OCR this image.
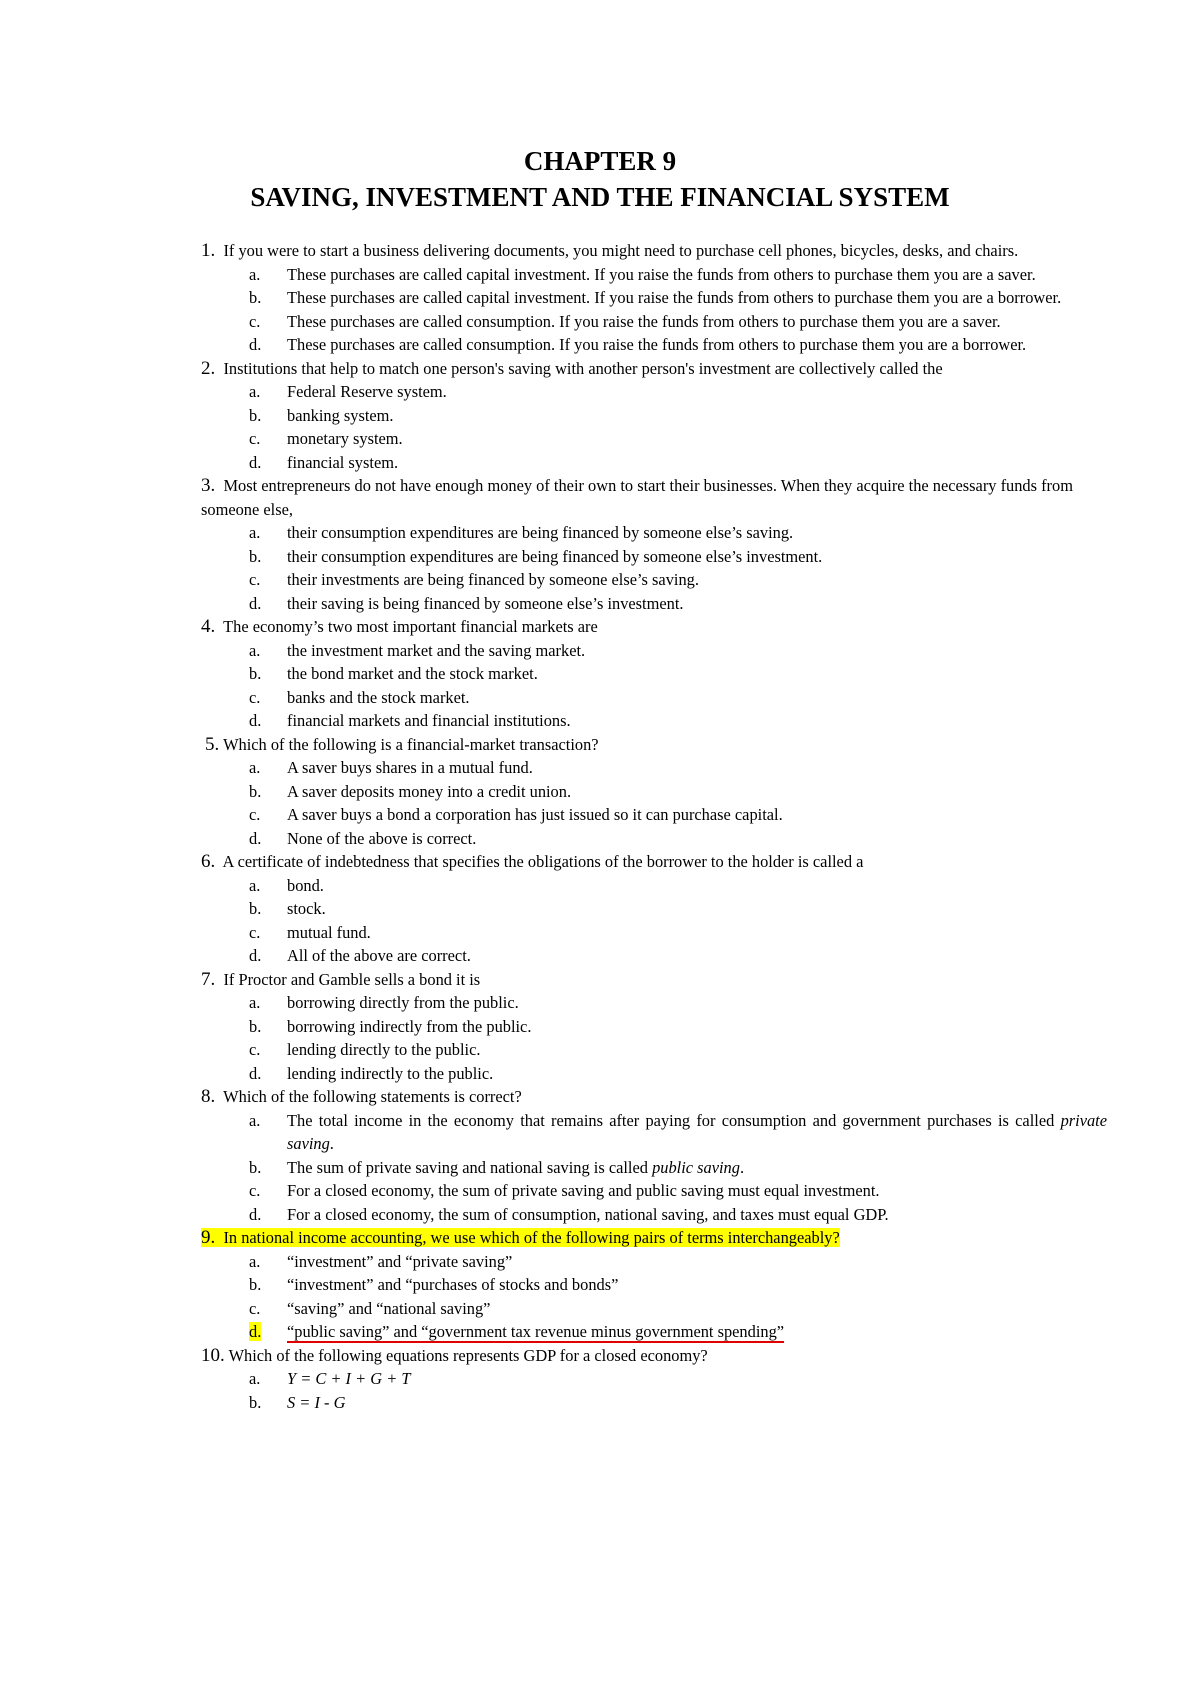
CHAPTER 9
SAVING, INVESTMENT AND THE FINANCIAL SYSTEM
1. If you were to start a business delivering documents, you might need to purchase cell phones, bicycles, desks, and chairs.
a.	These purchases are called capital investment. If you raise the funds from others to purchase them you are a saver.
b.	These purchases are called capital investment. If you raise the funds from others to purchase them you are a borrower.
c.	These purchases are called consumption. If you raise the funds from others to purchase them you are a saver.
d.	These purchases are called consumption. If you raise the funds from others to purchase them you are a borrower.
2. Institutions that help to match one person's saving with another person's investment are collectively called the
a.	Federal Reserve system.
b.	banking system.
c.	monetary system.
d.	financial system.
3. Most entrepreneurs do not have enough money of their own to start their businesses. When they acquire the necessary funds from someone else,
a.	their consumption expenditures are being financed by someone else’s saving.
b.	their consumption expenditures are being financed by someone else’s investment.
c.	their investments are being financed by someone else’s saving.
d.	their saving is being financed by someone else’s investment.
4. The economy’s two most important financial markets are
a.	the investment market and the saving market.
b.	the bond market and the stock market.
c.	banks and the stock market.
d.	financial markets and financial institutions.
5. Which of the following is a financial-market transaction?
a.	A saver buys shares in a mutual fund.
b.	A saver deposits money into a credit union.
c.	A saver buys a bond a corporation has just issued so it can purchase capital.
d.	None of the above is correct.
6. A certificate of indebtedness that specifies the obligations of the borrower to the holder is called a
a.	bond.
b.	stock.
c.	mutual fund.
d.	All of the above are correct.
7. If Proctor and Gamble sells a bond it is
a.	borrowing directly from the public.
b.	borrowing indirectly from the public.
c.	lending directly to the public.
d.	lending indirectly to the public.
8. Which of the following statements is correct?
a.	The total income in the economy that remains after paying for consumption and government purchases is called private saving.
b.	The sum of private saving and national saving is called public saving.
c.	For a closed economy, the sum of private saving and public saving must equal investment.
d.	For a closed economy, the sum of consumption, national saving, and taxes must equal GDP.
9. In national income accounting, we use which of the following pairs of terms interchangeably?
a.	“investment” and “private saving”
b.	“investment” and “purchases of stocks and bonds”
c.	“saving” and “national saving”
d.	“public saving” and “government tax revenue minus government spending”
10. Which of the following equations represents GDP for a closed economy?
a.	Y = C + I + G + T
b.	S = I - G
